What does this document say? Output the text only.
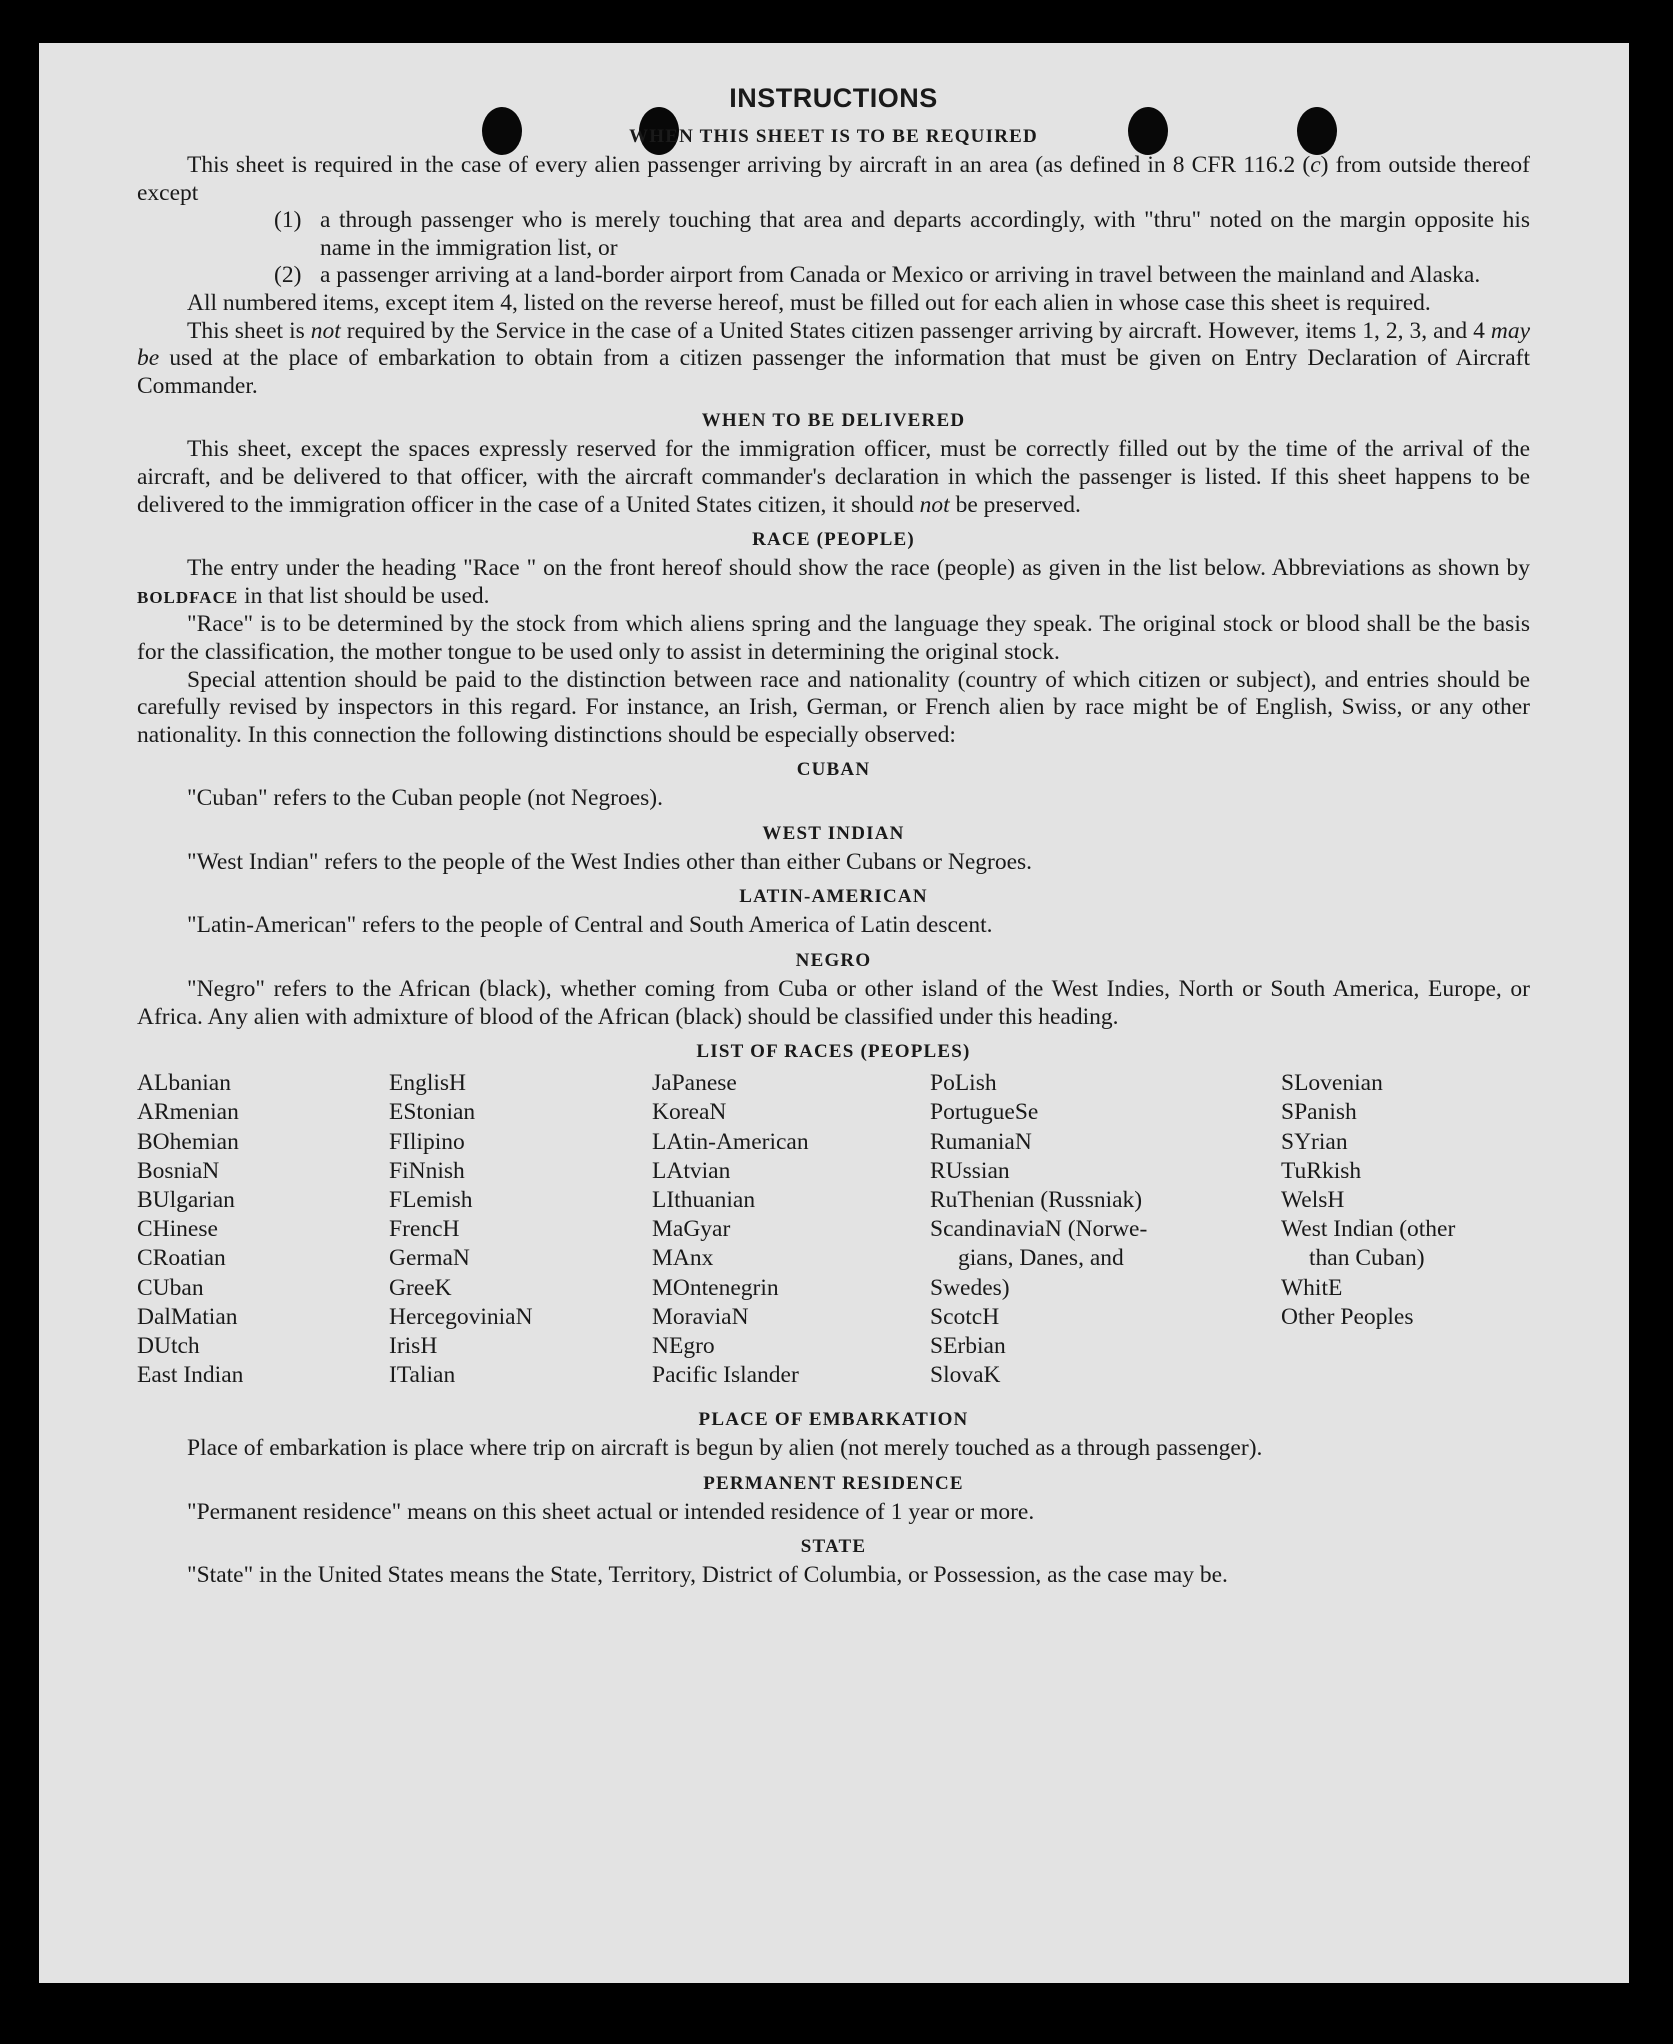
INSTRUCTIONS
WHEN THIS SHEET IS TO BE REQUIRED

This sheet is required in the case of every alien passenger arriving by aircraft in an area (as defined in 8 CFR 116.2 (c) from outside thereof except

(1) a through passenger who is merely touching that area and departs accordingly, with "thru" noted on the margin opposite his name in the immigration list, or

(2) a passenger arriving at a land-border airport from Canada or Mexico or arriving in travel between the mainland and Alaska.

All numbered items, except item 4, listed on the reverse hereof, must be filled out for each alien in whose case this sheet is required.

This sheet is not required by the Service in the case of a United States citizen passenger arriving by aircraft. However, items 1, 2, 3, and 4 may be used at the place of embarkation to obtain from a citizen passenger the information that must be given on Entry Declaration of Aircraft Commander.

WHEN TO BE DELIVERED

This sheet, except the spaces expressly reserved for the immigration officer, must be correctly filled out by the time of the arrival of the aircraft, and be delivered to that officer, with the aircraft commander's declaration in which the passenger is listed. If this sheet happens to be delivered to the immigration officer in the case of a United States citizen, it should not be preserved.

RACE (PEOPLE)

The entry under the heading "Race " on the front hereof should show the race (people) as given in the list below. Abbreviations as shown by BOLDFACE in that list should be used.

"Race" is to be determined by the stock from which aliens spring and the language they speak. The original stock or blood shall be the basis for the classification, the mother tongue to be used only to assist in determining the original stock.

Special attention should be paid to the distinction between race and nationality (country of which citizen or subject), and entries should be carefully revised by inspectors in this regard. For instance, an Irish, German, or French alien by race might be of English, Swiss, or any other nationality. In this connection the following distinctions should be especially observed:

CUBAN

"Cuban" refers to the Cuban people (not Negroes).

WEST INDIAN

"West Indian" refers to the people of the West Indies other than either Cubans or Negroes.

LATIN-AMERICAN

"Latin-American" refers to the people of Central and South America of Latin descent.

NEGRO

"Negro" refers to the African (black), whether coming from Cuba or other island of the West Indies, North or South America, Europe, or Africa. Any alien with admixture of blood of the African (black) should be classified under this heading.

LIST OF RACES (PEOPLES)
ALbanian
ARmenian
BOhemian
BosniaN
BUlgarian
CHinese
CRoatian
CUban
DalMatian
DUtch
East Indian
EnglisH
EStonian
FIlipino
FiNnish
FLemish
FrencH
GermaN
GreeK
HercegoviniaN
IrisH
ITalian
JaPanese
KoreaN
LAtin-American
LAtvian
LIthuanian
MaGyar
MAnx
MOntenegrin
MoraviaN
NEgro
Pacific Islander
PoLish
PortugueSe
RumaniaN
RUssian
RuThenian (Russniak)
ScandinaviaN (Norwe-
gians, Danes, and
Swedes)
ScotcH
SErbian
SlovaK
SLovenian
SPanish
SYrian
TuRkish
WelsH
West Indian (other
than Cuban)
WhitE
Other Peoples
PLACE OF EMBARKATION

Place of embarkation is place where trip on aircraft is begun by alien (not merely touched as a through passenger).

PERMANENT RESIDENCE

"Permanent residence" means on this sheet actual or intended residence of 1 year or more.

STATE

"State" in the United States means the State, Territory, District of Columbia, or Possession, as the case may be.
